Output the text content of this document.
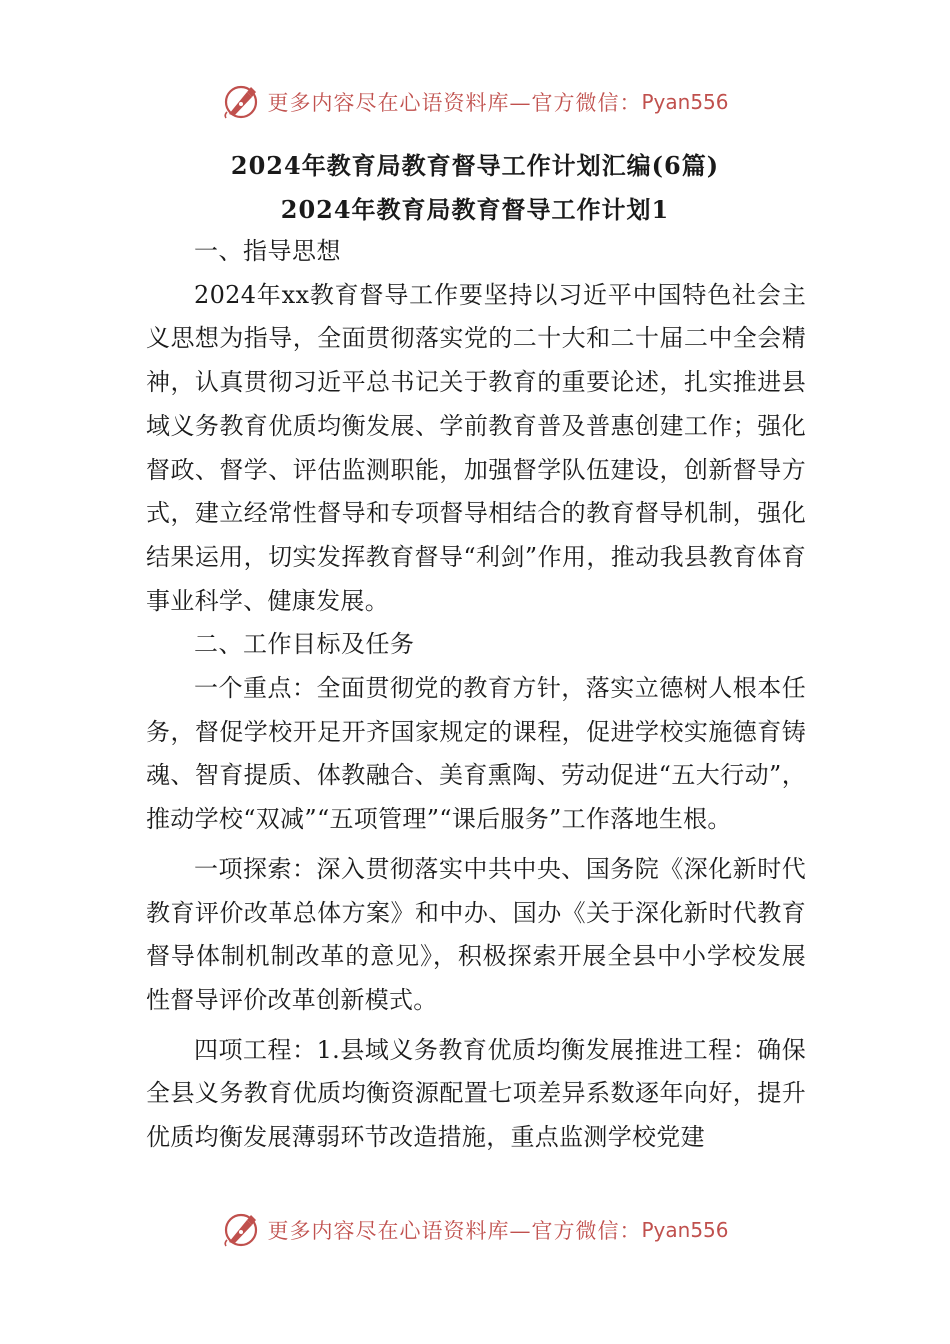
更多内容尽在心语资料库—官方微信： Pyan556
2024年教育局教育督导工作计划汇编(6篇)
2024年教育局教育督导工作计划1

一、指导思想

2024年xx教育督导工作要坚持以习近平中国特色社会主义思想为指导，全面贯彻落实党的二十大和二十届二中全会精神，认真贯彻习近平总书记关于教育的重要论述，扎实推进县域义务教育优质均衡发展、学前教育普及普惠创建工作；强化督政、督学、评估监测职能，加强督学队伍建设，创新督导方式，建立经常性督导和专项督导相结合的教育督导机制，强化结果运用，切实发挥教育督导“利剑”作用，推动我县教育体育事业科学、健康发展。

二、工作目标及任务

一个重点：全面贯彻党的教育方针，落实立德树人根本任务，督促学校开足开齐国家规定的课程，促进学校实施德育铸魂、智育提质、体教融合、美育熏陶、劳动促进“五大行动”，推动学校“双减”“五项管理”“课后服务”工作落地生根。

一项探索：深入贯彻落实中共中央、国务院《深化新时代教育评价改革总体方案》和中办、国办《关于深化新时代教育督导体制机制改革的意见》，积极探索开展全县中小学校发展性督导评价改革创新模式。

四项工程：1.县域义务教育优质均衡发展推进工程：确保全县义务教育优质均衡资源配置七项差异系数逐年向好，提升优质均衡发展薄弱环节改造措施，重点监测学校党建

更多内容尽在心语资料库—官方微信： Pyan556
